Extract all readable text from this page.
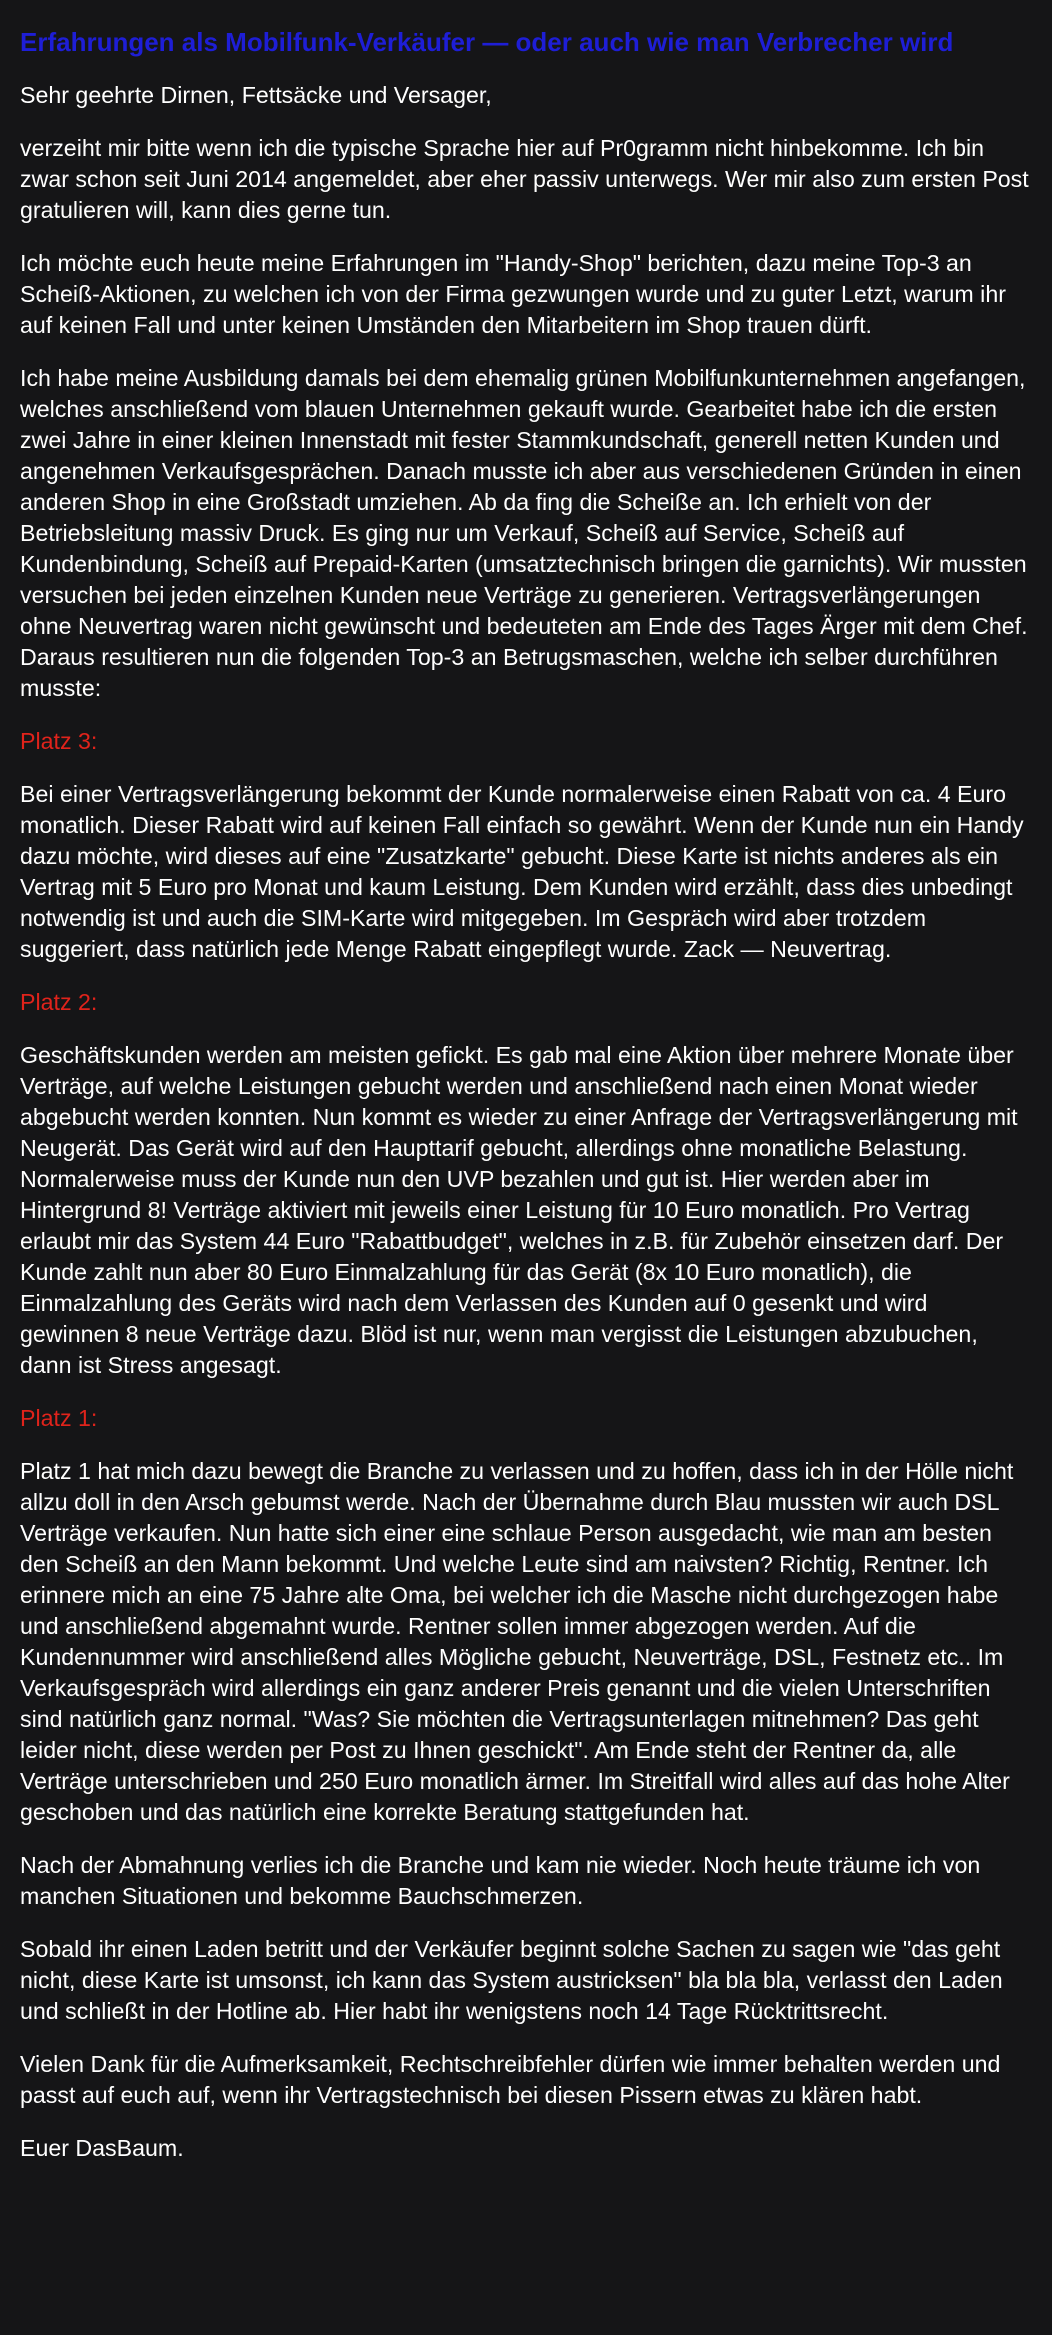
Erfahrungen als Mobilfunk-Verkäufer — oder auch wie man Verbrecher wird

Sehr geehrte Dirnen, Fettsäcke und Versager,

verzeiht mir bitte wenn ich die typische Sprache hier auf Pr0gramm nicht hinbekomme. Ich bin zwar schon seit Juni 2014 angemeldet, aber eher passiv unterwegs. Wer mir also zum ersten Post gratulieren will, kann dies gerne tun.

Ich möchte euch heute meine Erfahrungen im "Handy-Shop" berichten, dazu meine Top-3 an Scheiß-Aktionen, zu welchen ich von der Firma gezwungen wurde und zu guter Letzt, warum ihr auf keinen Fall und unter keinen Umständen den Mitarbeitern im Shop trauen dürft.

Ich habe meine Ausbildung damals bei dem ehemalig grünen Mobilfunkunternehmen angefangen, welches anschließend vom blauen Unternehmen gekauft wurde. Gearbeitet habe ich die ersten zwei Jahre in einer kleinen Innenstadt mit fester Stammkundschaft, generell netten Kunden und angenehmen Verkaufsgesprächen. Danach musste ich aber aus verschiedenen Gründen in einen anderen Shop in eine Großstadt umziehen. Ab da fing die Scheiße an. Ich erhielt von der Betriebsleitung massiv Druck. Es ging nur um Verkauf, Scheiß auf Service, Scheiß auf Kundenbindung, Scheiß auf Prepaid-Karten (umsatztechnisch bringen die garnichts). Wir mussten versuchen bei jeden einzelnen Kunden neue Verträge zu generieren. Vertragsverlängerungen ohne Neuvertrag waren nicht gewünscht und bedeuteten am Ende des Tages Ärger mit dem Chef. Daraus resultieren nun die folgenden Top-3 an Betrugsmaschen, welche ich selber durchführen musste:

Platz 3:

Bei einer Vertragsverlängerung bekommt der Kunde normalerweise einen Rabatt von ca. 4 Euro monatlich. Dieser Rabatt wird auf keinen Fall einfach so gewährt. Wenn der Kunde nun ein Handy dazu möchte, wird dieses auf eine "Zusatzkarte" gebucht. Diese Karte ist nichts anderes als ein Vertrag mit 5 Euro pro Monat und kaum Leistung. Dem Kunden wird erzählt, dass dies unbedingt notwendig ist und auch die SIM-Karte wird mitgegeben. Im Gespräch wird aber trotzdem suggeriert, dass natürlich jede Menge Rabatt eingepflegt wurde. Zack — Neuvertrag.

Platz 2:

Geschäftskunden werden am meisten gefickt. Es gab mal eine Aktion über mehrere Monate über Verträge, auf welche Leistungen gebucht werden und anschließend nach einen Monat wieder abgebucht werden konnten. Nun kommt es wieder zu einer Anfrage der Vertragsverlängerung mit Neugerät. Das Gerät wird auf den Haupttarif gebucht, allerdings ohne monatliche Belastung. Normalerweise muss der Kunde nun den UVP bezahlen und gut ist. Hier werden aber im Hintergrund 8! Verträge aktiviert mit jeweils einer Leistung für 10 Euro monatlich. Pro Vertrag erlaubt mir das System 44 Euro "Rabattbudget", welches in z.B. für Zubehör einsetzen darf. Der Kunde zahlt nun aber 80 Euro Einmalzahlung für das Gerät (8x 10 Euro monatlich), die Einmalzahlung des Geräts wird nach dem Verlassen des Kunden auf 0 gesenkt und wird gewinnen 8 neue Verträge dazu. Blöd ist nur, wenn man vergisst die Leistungen abzubuchen, dann ist Stress angesagt.

Platz 1:

Platz 1 hat mich dazu bewegt die Branche zu verlassen und zu hoffen, dass ich in der Hölle nicht allzu doll in den Arsch gebumst werde. Nach der Übernahme durch Blau mussten wir auch DSL Verträge verkaufen. Nun hatte sich einer eine schlaue Person ausgedacht, wie man am besten den Scheiß an den Mann bekommt. Und welche Leute sind am naivsten? Richtig, Rentner. Ich erinnere mich an eine 75 Jahre alte Oma, bei welcher ich die Masche nicht durchgezogen habe und anschließend abgemahnt wurde. Rentner sollen immer abgezogen werden. Auf die Kundennummer wird anschließend alles Mögliche gebucht, Neuverträge, DSL, Festnetz etc.. Im Verkaufsgespräch wird allerdings ein ganz anderer Preis genannt und die vielen Unterschriften sind natürlich ganz normal. "Was? Sie möchten die Vertragsunterlagen mitnehmen? Das geht leider nicht, diese werden per Post zu Ihnen geschickt". Am Ende steht der Rentner da, alle Verträge unterschrieben und 250 Euro monatlich ärmer. Im Streitfall wird alles auf das hohe Alter geschoben und das natürlich eine korrekte Beratung stattgefunden hat.

Nach der Abmahnung verlies ich die Branche und kam nie wieder. Noch heute träume ich von manchen Situationen und bekomme Bauchschmerzen.

Sobald ihr einen Laden betritt und der Verkäufer beginnt solche Sachen zu sagen wie "das geht nicht, diese Karte ist umsonst, ich kann das System austricksen" bla bla bla, verlasst den Laden und schließt in der Hotline ab. Hier habt ihr wenigstens noch 14 Tage Rücktrittsrecht.

Vielen Dank für die Aufmerksamkeit, Rechtschreibfehler dürfen wie immer behalten werden und passt auf euch auf, wenn ihr Vertragstechnisch bei diesen Pissern etwas zu klären habt.

Euer DasBaum.
